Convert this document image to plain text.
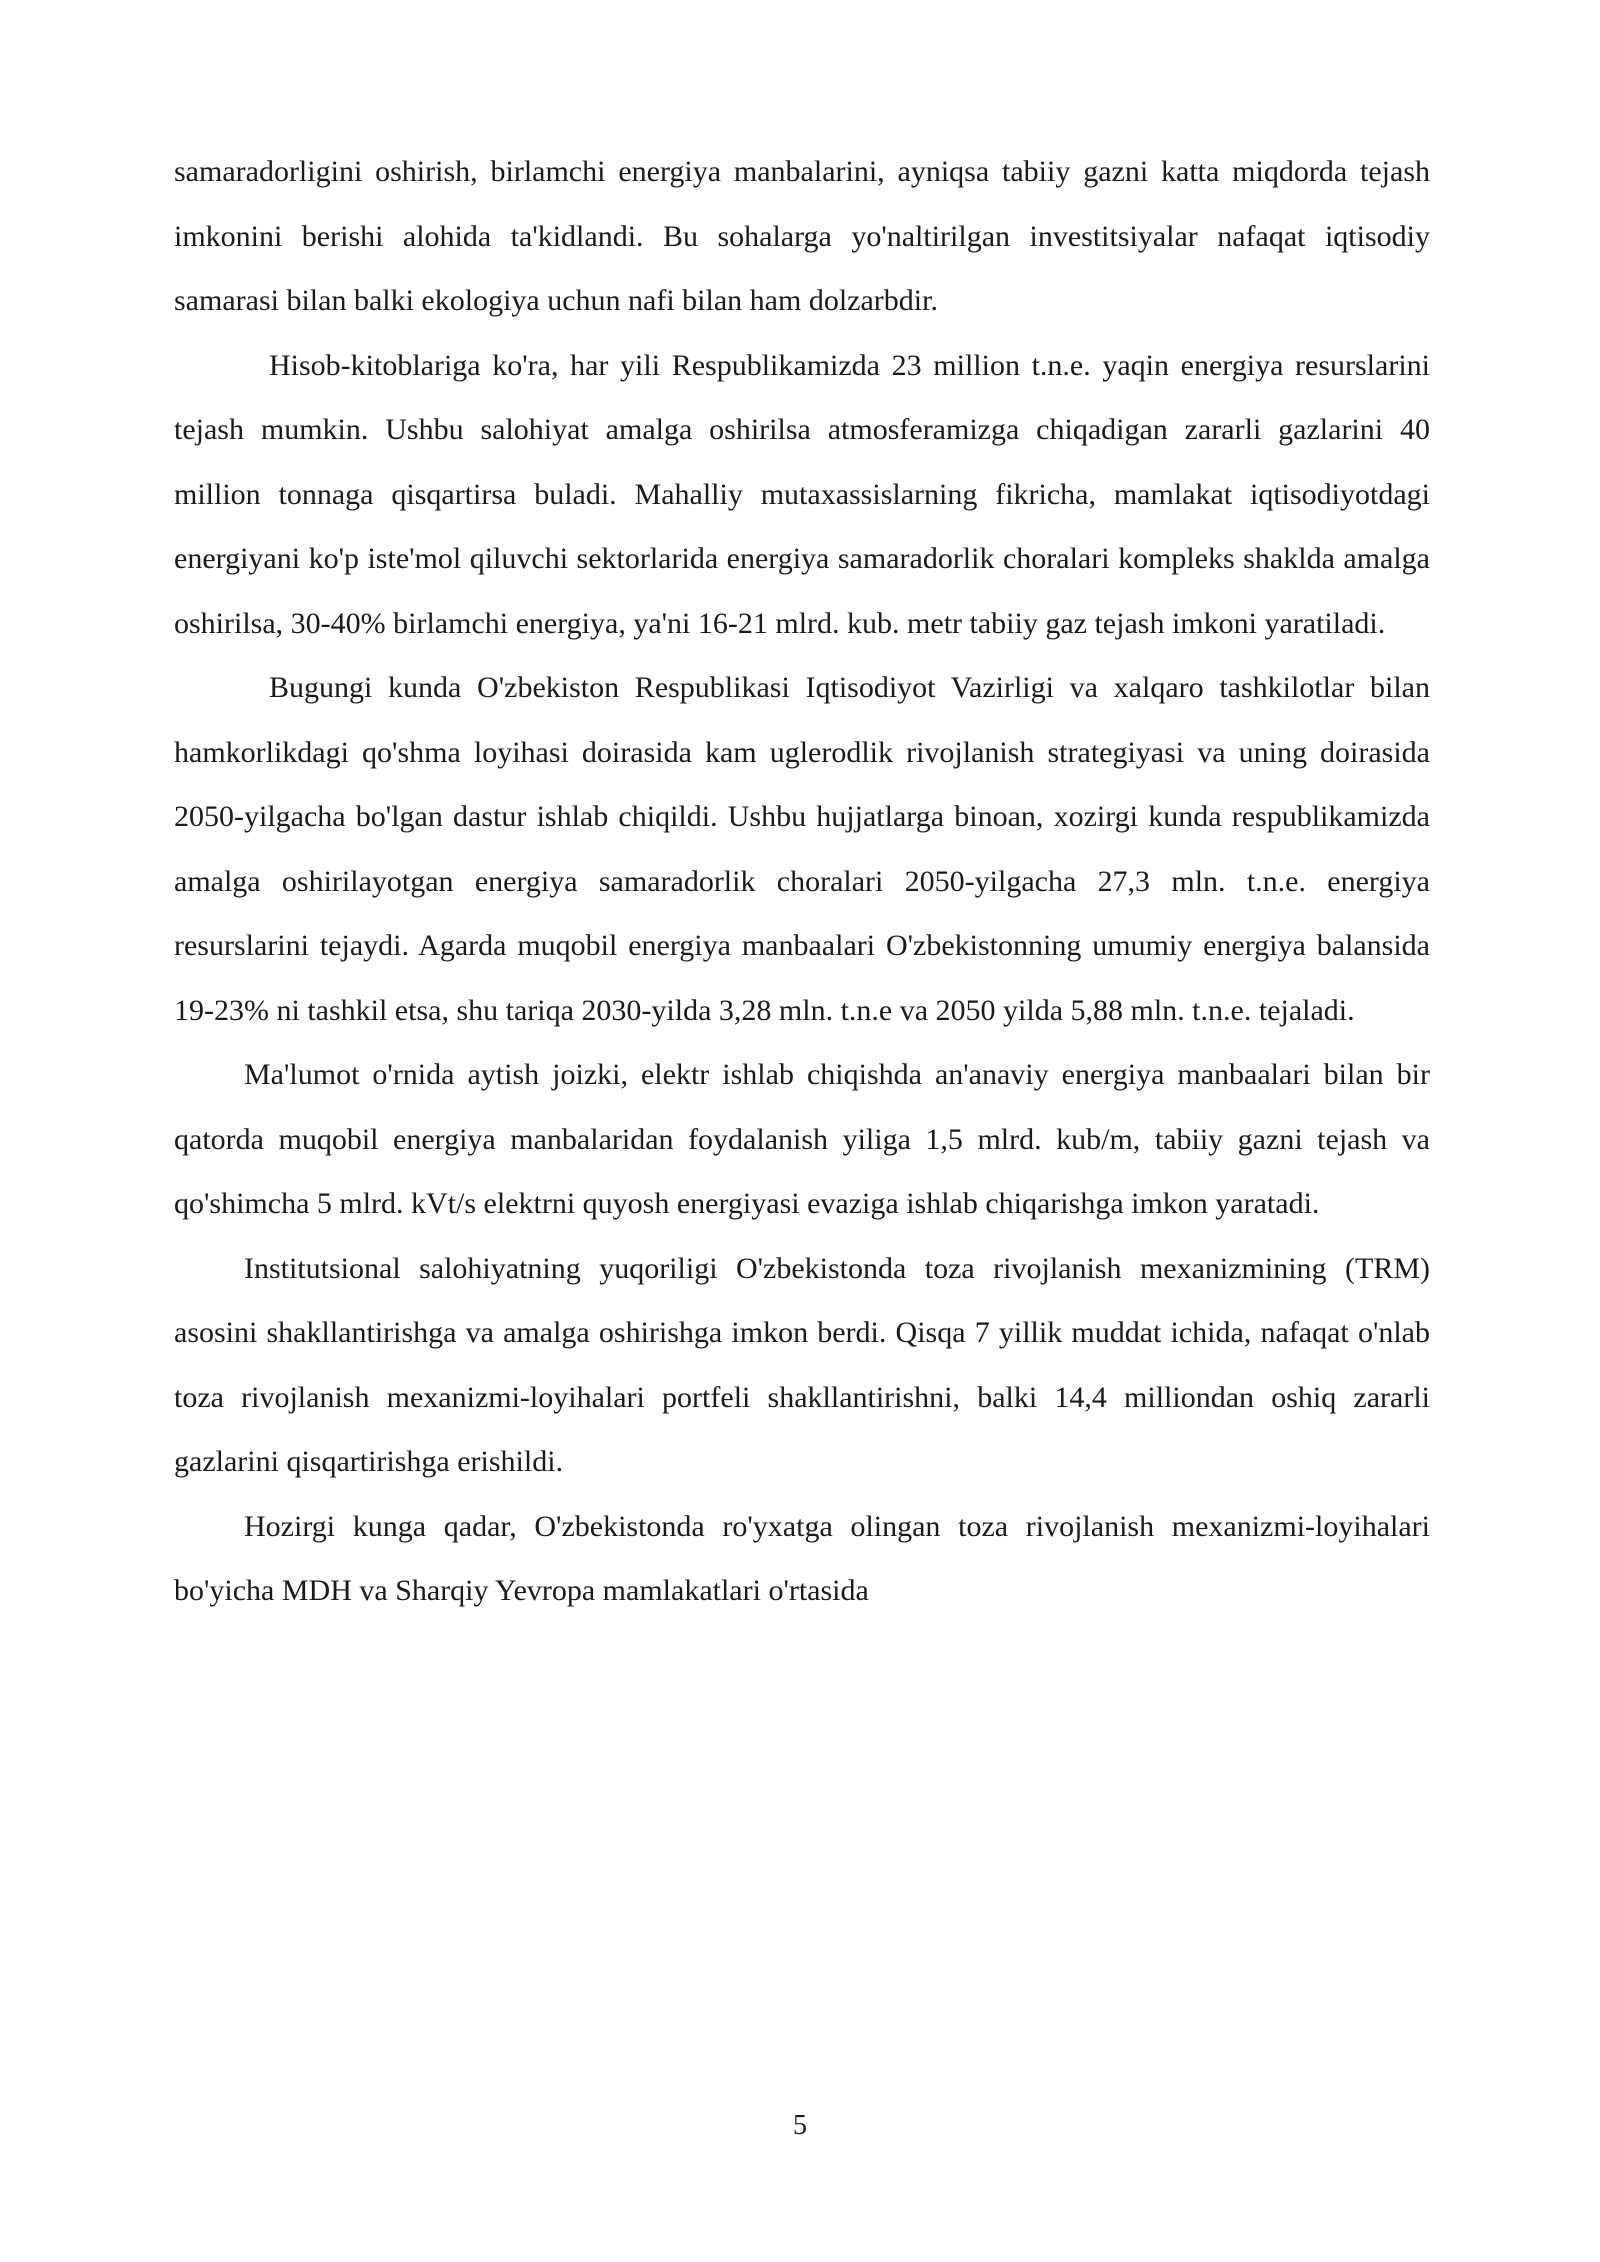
samaradorligini oshirish, birlamchi energiya manbalarini, ayniqsa tabiiy gazni katta miqdorda tejash imkonini berishi alohida ta'kidlandi. Bu sohalarga yo'naltirilgan investitsiyalar nafaqat iqtisodiy samarasi bilan balki ekologiya uchun nafi bilan ham dolzarbdir.

Hisob-kitoblariga ko'ra, har yili Respublikamizda 23 million t.n.e. yaqin energiya resurslarini tejash mumkin. Ushbu salohiyat amalga oshirilsa atmosferamizga chiqadigan zararli gazlarini 40 million tonnaga qisqartirsa buladi. Mahalliy mutaxassislarning fikricha, mamlakat iqtisodiyotdagi energiyani ko'p iste'mol qiluvchi sektorlarida energiya samaradorlik choralari kompleks shaklda amalga oshirilsa, 30-40% birlamchi energiya, ya'ni 16-21 mlrd. kub. metr tabiiy gaz tejash imkoni yaratiladi.

Bugungi kunda O'zbekiston Respublikasi Iqtisodiyot Vazirligi va xalqaro tashkilotlar bilan hamkorlikdagi qo'shma loyihasi doirasida kam uglerodlik rivojlanish strategiyasi va uning doirasida 2050-yilgacha bo'lgan dastur ishlab chiqildi. Ushbu hujjatlarga binoan, xozirgi kunda respublikamizda amalga oshirilayotgan energiya samaradorlik choralari 2050-yilgacha 27,3 mln. t.n.e. energiya resurslarini tejaydi. Agarda muqobil energiya manbaalari O'zbekistonning umumiy energiya balansida 19-23% ni tashkil etsa, shu tariqa 2030-yilda 3,28 mln. t.n.e va 2050 yilda 5,88 mln. t.n.e. tejaladi.

Ma'lumot o'rnida aytish joizki, elektr ishlab chiqishda an'anaviy energiya manbaalari bilan bir qatorda muqobil energiya manbalaridan foydalanish yiliga 1,5 mlrd. kub/m, tabiiy gazni tejash va qo'shimcha 5 mlrd. kVt/s elektrni quyosh energiyasi evaziga ishlab chiqarishga imkon yaratadi.

Institutsional salohiyatning yuqoriligi O'zbekistonda toza rivojlanish mexanizmining (TRM) asosini shakllantirishga va amalga oshirishga imkon berdi. Qisqa 7 yillik muddat ichida, nafaqat o'nlab toza rivojlanish mexanizmi-loyihalari portfeli shakllantirishni, balki 14,4 milliondan oshiq zararli gazlarini qisqartirishga erishildi.

Hozirgi kunga qadar, O'zbekistonda ro'yxatga olingan toza rivojlanish mexanizmi-loyihalari bo'yicha MDH va Sharqiy Yevropa mamlakatlari o'rtasida

5
